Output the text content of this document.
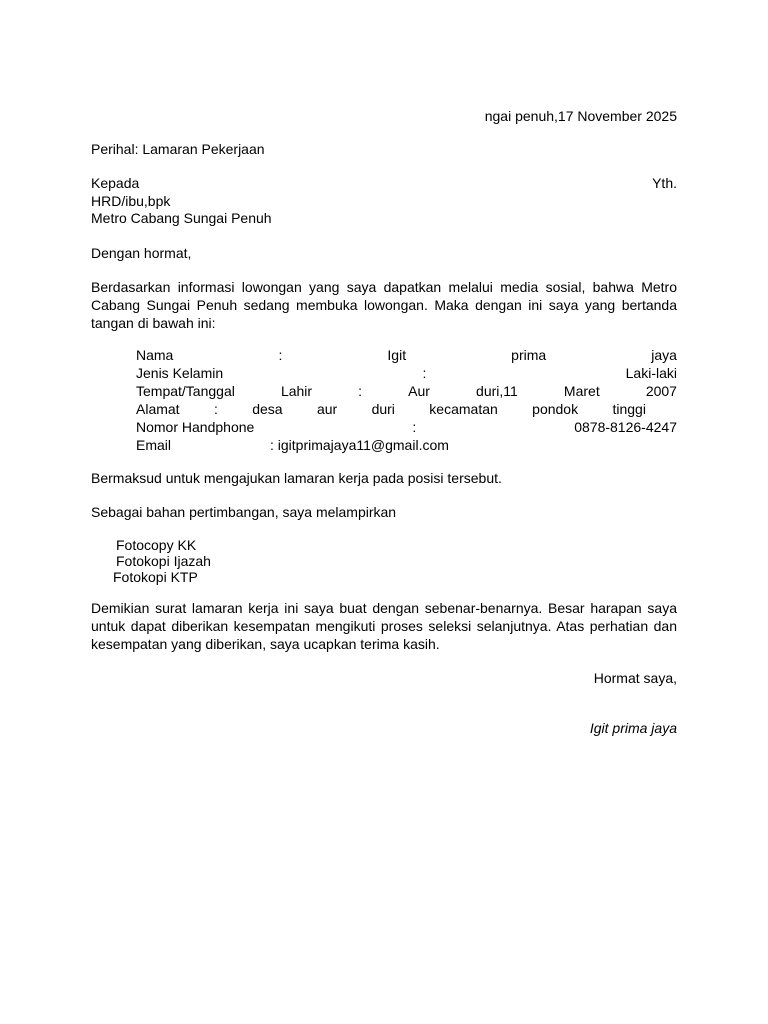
ngai penuh,17 November 2025
Perihal: Lamaran Pekerjaan
Kepada	Yth.
HRD/ibu,bpk
Metro Cabang Sungai Penuh
Dengan hormat,
Berdasarkan informasi lowongan yang saya dapatkan melalui media sosial, bahwa Metro Cabang Sungai Penuh sedang membuka lowongan. Maka dengan ini saya yang bertanda tangan di bawah ini:
Nama	:	Igit	prima	jaya
Jenis Kelamin	:	Laki-laki
Tempat/Tanggal	Lahir	:	Aur	duri,11	Maret	2007
Alamat : desa aur duri kecamatan pondok tinggi
Nomor Handphone	:	0878-8126-4247
Email	: igitprimajaya11@gmail.com
Bermaksud untuk mengajukan lamaran kerja pada posisi tersebut.
Sebagai bahan pertimbangan, saya melampirkan
Fotocopy KK
Fotokopi Ijazah
Fotokopi KTP
Demikian surat lamaran kerja ini saya buat dengan sebenar-benarnya. Besar harapan saya untuk dapat diberikan kesempatan mengikuti proses seleksi selanjutnya. Atas perhatian dan kesempatan yang diberikan, saya ucapkan terima kasih.
Hormat saya,
Igit prima jaya
